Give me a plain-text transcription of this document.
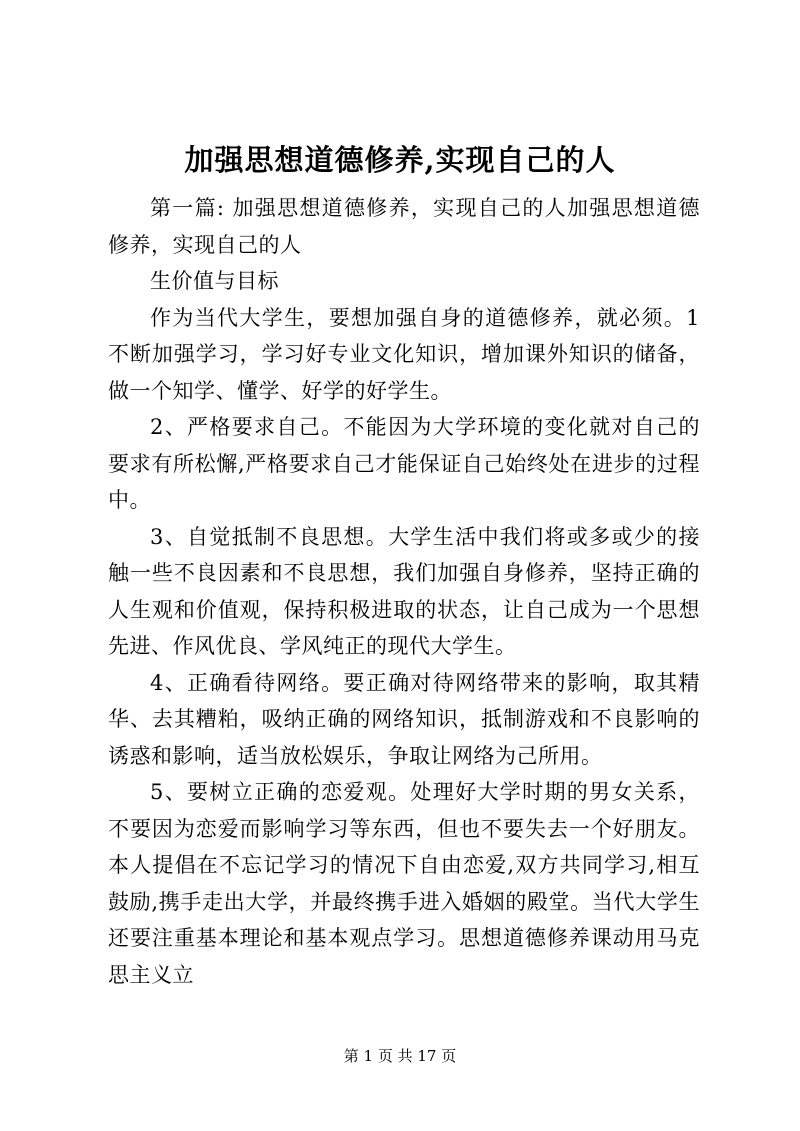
加强思想道德修养,实现自己的人

第一篇: 加强思想道德修养，实现自己的人加强思想道德修养，实现自己的人

生价值与目标

作为当代大学生，要想加强自身的道德修养，就必须。1不断加强学习，学习好专业文化知识，增加课外知识的储备，做一个知学、懂学、好学的好学生。

2、严格要求自己。不能因为大学环境的变化就对自己的要求有所松懈,严格要求自己才能保证自己始终处在进步的过程中。

3、自觉抵制不良思想。大学生活中我们将或多或少的接触一些不良因素和不良思想，我们加强自身修养，坚持正确的人生观和价值观，保持积极进取的状态，让自己成为一个思想先进、作风优良、学风纯正的现代大学生。

4、正确看待网络。要正确对待网络带来的影响，取其精华、去其糟粕，吸纳正确的网络知识，抵制游戏和不良影响的诱惑和影响，适当放松娱乐，争取让网络为己所用。

5、要树立正确的恋爱观。处理好大学时期的男女关系，不要因为恋爱而影响学习等东西，但也不要失去一个好朋友。本人提倡在不忘记学习的情况下自由恋爱,双方共同学习,相互鼓励,携手走出大学，并最终携手进入婚姻的殿堂。当代大学生还要注重基本理论和基本观点学习。思想道德修养课动用马克思主义立

第 1 页 共 17 页
